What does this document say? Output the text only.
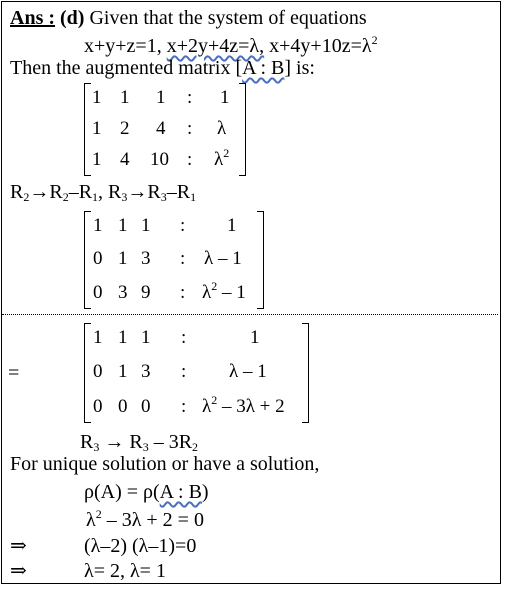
Ans : (d) Given that the system of equations
x+y+z=1, x+2y+4z=λ, $x+4y+10z=\lambda^2$
Then the augmented matrix [A : B] is:
1 1 1 : 1
1 2 4 : λ
1 4 10 : $\lambda^2$
$R_2\to R_2-R_1$, $R_3\to R_3-R_1$
1 1 1 : 1
0 1 3 : λ – 1
0 3 9 : $\lambda^2 - 1$
=
1 1 1 :	1
0 1 3 : λ – 1
0 0 0 : $\lambda^2 - 3\lambda + 2$
$R_3 \to R_3 - 3R_2$
For unique solution or have a solution,
ρ(A) = ρ(A : B)
$\lambda^2 - 3\lambda + 2 = 0$
⇒	(λ–2) (λ–1)=0
⇒	λ= 2, λ= 1
